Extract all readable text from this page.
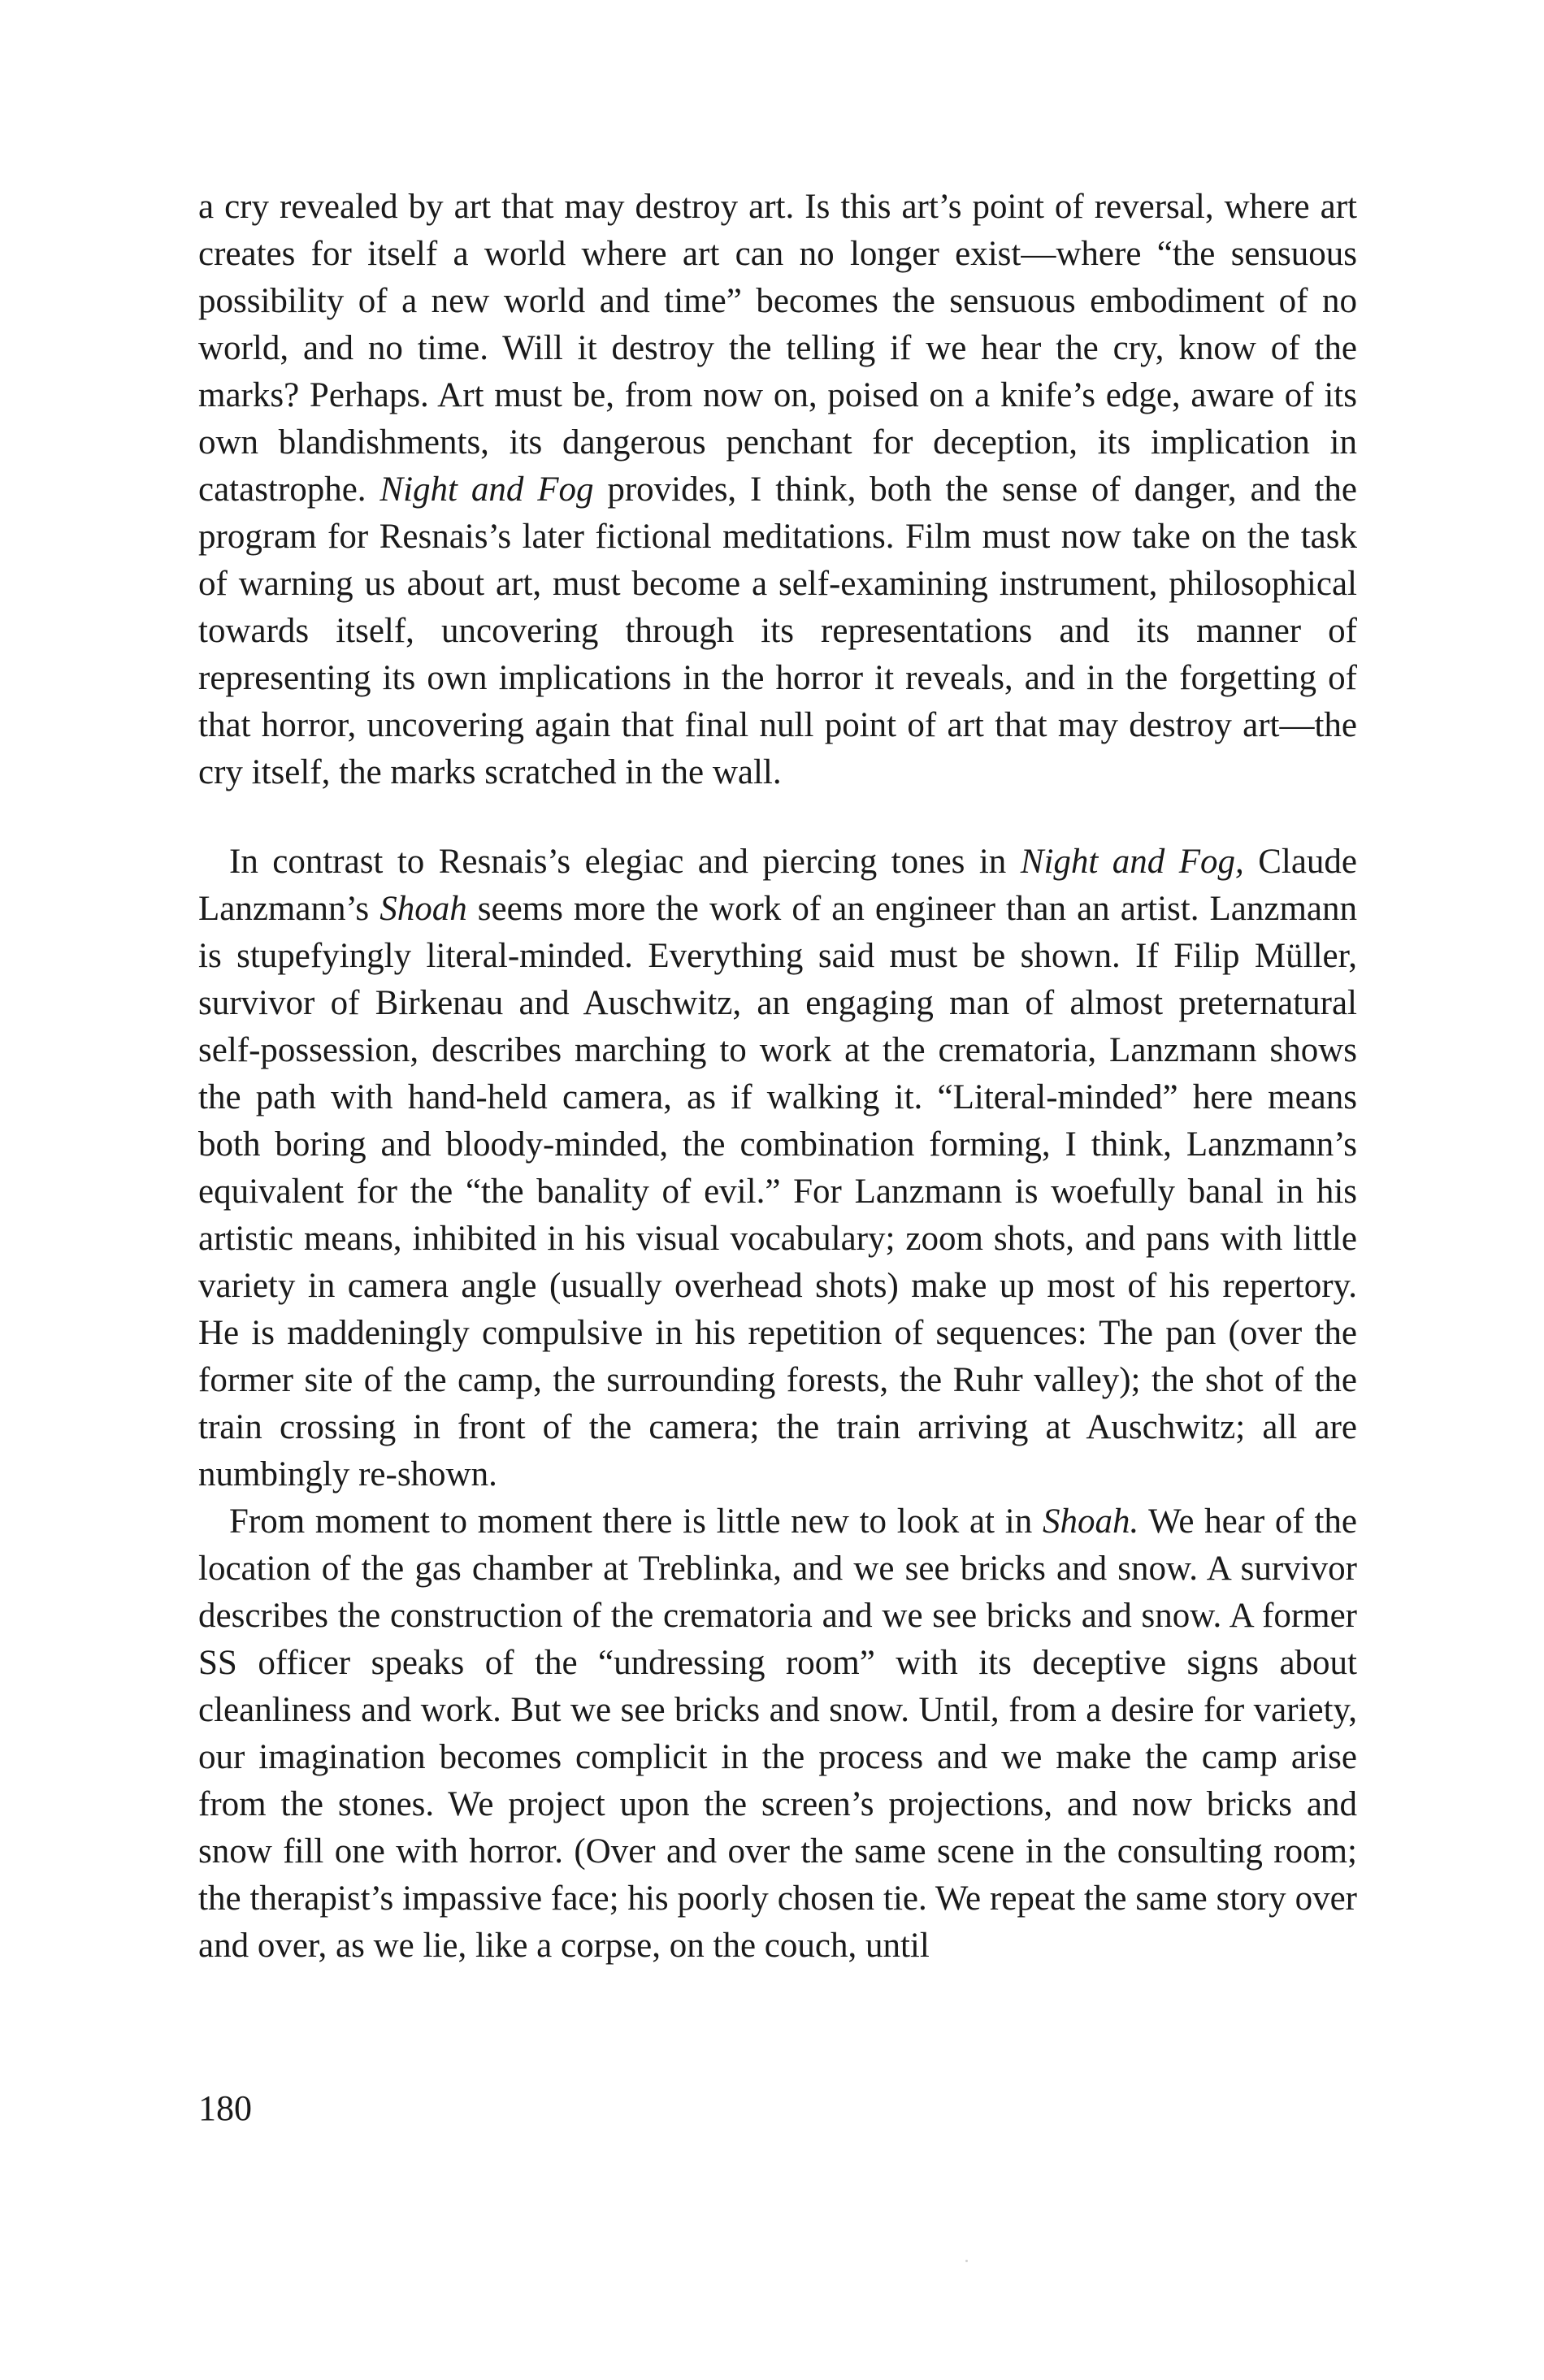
a cry revealed by art that may destroy art. Is this art’s point of reversal, where art creates for itself a world where art can no longer exist—where “the sensuous possibility of a new world and time” becomes the sensuous embodiment of no world, and no time. Will it destroy the telling if we hear the cry, know of the marks? Perhaps. Art must be, from now on, poised on a knife’s edge, aware of its own blandishments, its dangerous penchant for deception, its implication in catastrophe. Night and Fog provides, I think, both the sense of danger, and the program for Resnais’s later fictional meditations. Film must now take on the task of warning us about art, must become a self-examining instrument, philosophical towards itself, uncovering through its representations and its manner of representing its own implications in the horror it reveals, and in the forgetting of that horror, uncovering again that final null point of art that may destroy art—the cry itself, the marks scratched in the wall.

In contrast to Resnais’s elegiac and piercing tones in Night and Fog, Claude Lanzmann’s Shoah seems more the work of an engineer than an artist. Lanzmann is stupefyingly literal-minded. Everything said must be shown. If Filip Müller, survivor of Birkenau and Auschwitz, an engaging man of almost preternatural self-possession, describes marching to work at the crematoria, Lanzmann shows the path with hand-held camera, as if walking it. “Literal-minded” here means both boring and bloody-minded, the combination forming, I think, Lanzmann’s equivalent for the “the banality of evil.” For Lanzmann is woefully banal in his artistic means, inhibited in his visual vocabulary; zoom shots, and pans with little variety in camera angle (usually overhead shots) make up most of his repertory. He is maddeningly compulsive in his repetition of sequences: The pan (over the former site of the camp, the surrounding forests, the Ruhr valley); the shot of the train crossing in front of the camera; the train arriving at Auschwitz; all are numbingly re-shown.

From moment to moment there is little new to look at in Shoah. We hear of the location of the gas chamber at Treblinka, and we see bricks and snow. A survivor describes the construction of the crematoria and we see bricks and snow. A former SS officer speaks of the “undressing room” with its deceptive signs about cleanliness and work. But we see bricks and snow. Until, from a desire for variety, our imagination becomes complicit in the process and we make the camp arise from the stones. We project upon the screen’s projections, and now bricks and snow fill one with horror. (Over and over the same scene in the consulting room; the therapist’s impassive face; his poorly chosen tie. We repeat the same story over and over, as we lie, like a corpse, on the couch, until

180
